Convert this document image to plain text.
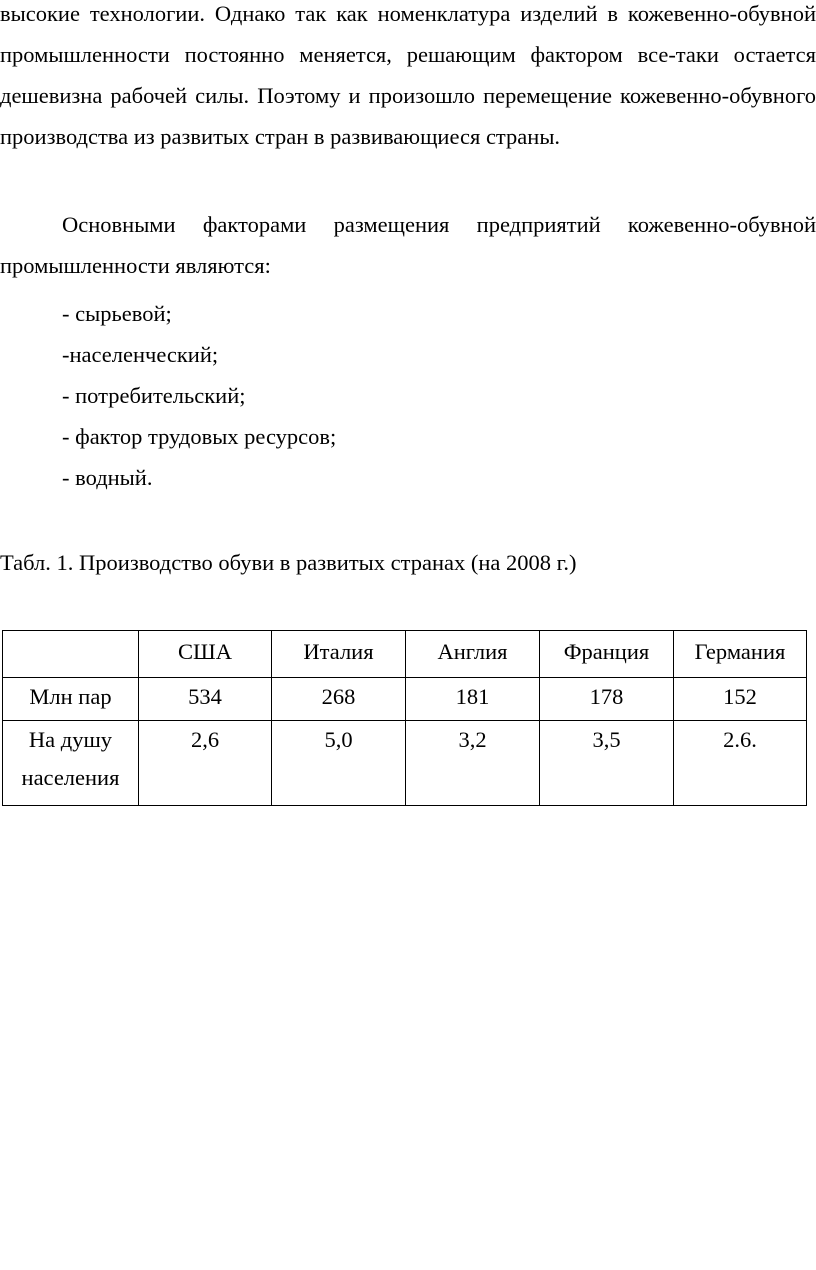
высокие технологии. Однако так как номенклатура изделий в кожевенно-обувной промышленности постоянно меняется, решающим фактором все-таки остается дешевизна рабочей силы. Поэтому и произошло перемещение кожевенно-обувного производства из развитых стран в развивающиеся страны.

Основными факторами размещения предприятий кожевенно-обувной промышленности являются:

- сырьевой;
-населенческий;
- потребительский;
- фактор трудовых ресурсов;
- водный.

Табл. 1. Производство обуви в развитых странах (на 2008 г.)

	США	Италия	Англия	Франция	Германия
Млн пар	534	268	181	178	152
На душу населения	2,6	5,0	3,2	3,5	2.6.
